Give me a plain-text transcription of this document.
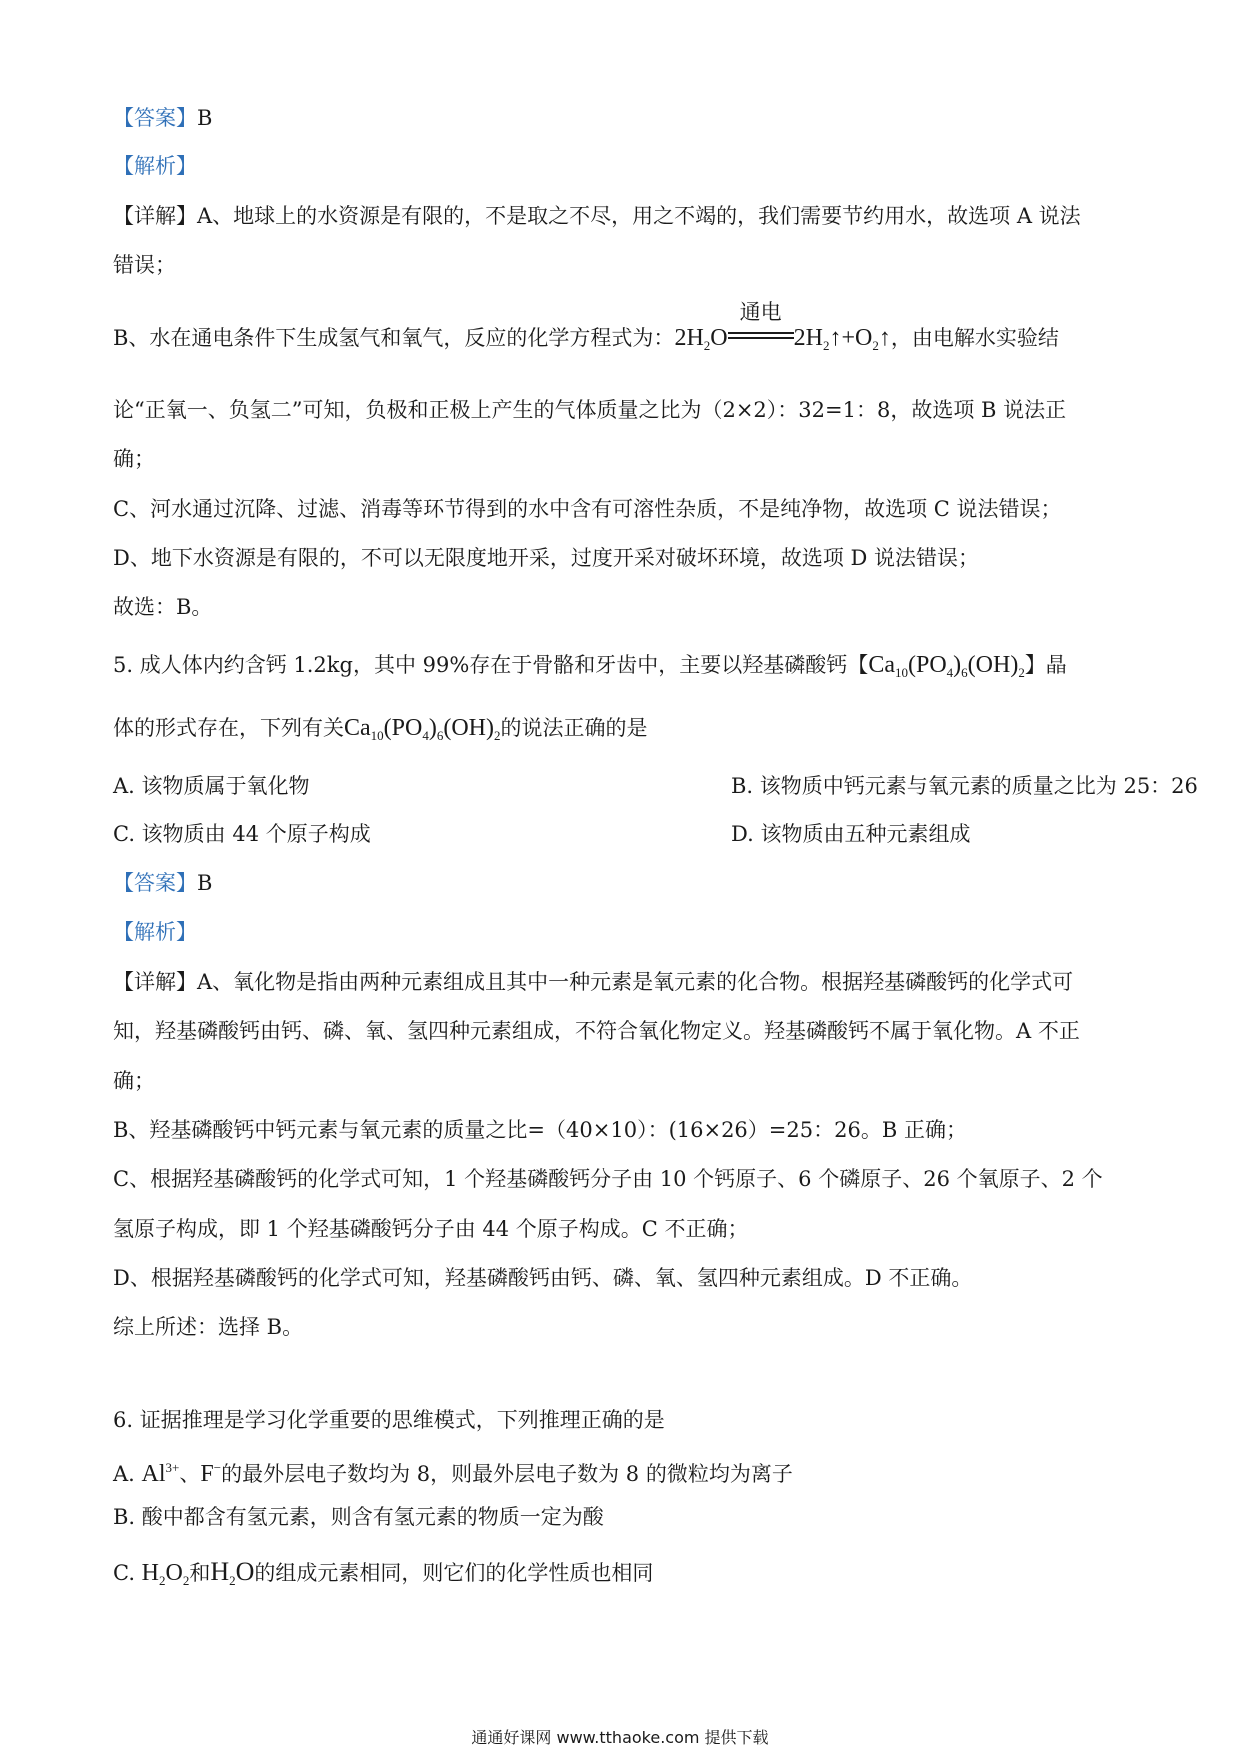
【答案】B
【解析】
【详解】A、地球上的水资源是有限的，不是取之不尽，用之不竭的，我们需要节约用水，故选项 A 说法
错误；
B、水在通电条件下生成氢气和氧气，反应的化学方程式为：$2H_2O$
通电
$2H_2↑+O_2↑$，由电解水实验结
论“正氧一、负氢二”可知，负极和正极上产生的气体质量之比为（2×2）：32=1：8，故选项 B 说法正
确；
C、河水通过沉降、过滤、消毒等环节得到的水中含有可溶性杂质，不是纯净物，故选项 C 说法错误；
D、地下水资源是有限的，不可以无限度地开采，过度开采对破坏环境，故选项 D 说法错误；
故选：B。
5. 成人体内约含钙 1.2kg，其中 99%存在于骨骼和牙齿中，主要以羟基磷酸钙【$Ca_{10}(PO_4)_6(OH)_2$】晶
体的形式存在，下列有关$Ca_{10}(PO_4)_6(OH)_2$的说法正确的是
A. 该物质属于氧化物	B. 该物质中钙元素与氧元素的质量之比为 25：26
C. 该物质由 44 个原子构成	D. 该物质由五种元素组成
【答案】B
【解析】
【详解】A、氧化物是指由两种元素组成且其中一种元素是氧元素的化合物。根据羟基磷酸钙的化学式可
知，羟基磷酸钙由钙、磷、氧、氢四种元素组成，不符合氧化物定义。羟基磷酸钙不属于氧化物。A 不正
确；
B、羟基磷酸钙中钙元素与氧元素的质量之比=（40×10）：(16×26）=25：26。B 正确；
C、根据羟基磷酸钙的化学式可知，1 个羟基磷酸钙分子由 10 个钙原子、6 个磷原子、26 个氧原子、2 个
氢原子构成，即 1 个羟基磷酸钙分子由 44 个原子构成。C 不正确；
D、根据羟基磷酸钙的化学式可知，羟基磷酸钙由钙、磷、氧、氢四种元素组成。D 不正确。
综上所述：选择 B。
6. 证据推理是学习化学重要的思维模式，下列推理正确的是
A. $Al^{3+}$、F−的最外层电子数均为 8，则最外层电子数为 8 的微粒均为离子
B. 酸中都含有氢元素，则含有氢元素的物质一定为酸
C. $H_2O_2$和$H_2O$的组成元素相同，则它们的化学性质也相同
通通好课网 www.tthaoke.com 提供下载
